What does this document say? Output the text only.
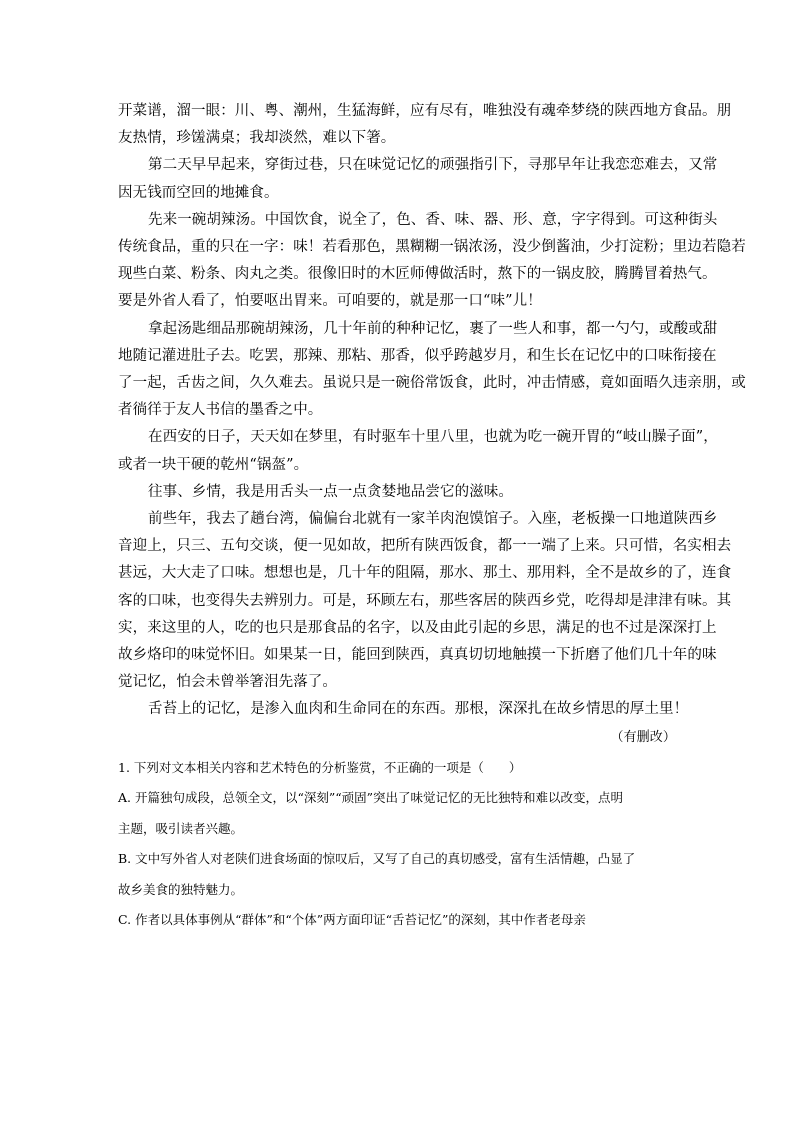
开菜谱，溜一眼：川、粤、潮州，生猛海鲜，应有尽有，唯独没有魂牵梦绕的陕西地方食品。朋
友热情，珍馐满桌；我却淡然，难以下箸。

第二天早早起来，穿街过巷，只在味觉记忆的顽强指引下，寻那早年让我恋恋难去，又常
因无钱而空回的地摊食。

先来一碗胡辣汤。中国饮食，说全了，色、香、味、器、形、意，字字得到。可这种街头
传统食品，重的只在一字：味！若看那色，黑糊糊一锅浓汤，没少倒酱油，少打淀粉；里边若隐若
现些白菜、粉条、肉丸之类。很像旧时的木匠师傅做活时，熬下的一锅皮胶，腾腾冒着热气。
要是外省人看了，怕要呕出胃来。可咱要的，就是那一口“味”儿！

拿起汤匙细品那碗胡辣汤，几十年前的种种记忆，裹了一些人和事，都一勺勺，或酸或甜
地随记灌进肚子去。吃罢，那辣、那粘、那香，似乎跨越岁月，和生长在记忆中的口味衔接在
了一起，舌齿之间，久久难去。虽说只是一碗俗常饭食，此时，冲击情感，竟如面晤久违亲朋，或
者徜徉于友人书信的墨香之中。

在西安的日子，天天如在梦里，有时驱车十里八里，也就为吃一碗开胃的“岐山臊子面”，
或者一块干硬的乾州“锅盔”。

往事、乡情，我是用舌头一点一点贪婪地品尝它的滋味。

前些年，我去了趟台湾，偏偏台北就有一家羊肉泡馍馆子。入座，老板操一口地道陕西乡
音迎上，只三、五句交谈，便一见如故，把所有陕西饭食，都一一端了上来。只可惜，名实相去
甚远，大大走了口味。想想也是，几十年的阻隔，那水、那土、那用料，全不是故乡的了，连食
客的口味，也变得失去辨别力。可是，环顾左右，那些客居的陕西乡党，吃得却是津津有味。其
实，来这里的人，吃的也只是那食品的名字，以及由此引起的乡思，满足的也不过是深深打上
故乡烙印的味觉怀旧。如果某一日，能回到陕西，真真切切地触摸一下折磨了他们几十年的味
觉记忆，怕会未曾举箸泪先落了。

舌苔上的记忆，是渗入血肉和生命同在的东西。那根，深深扎在故乡情思的厚土里！

（有删改）

1. 下列对文本相关内容和艺术特色的分析鉴赏，不正确的一项是（　　）
A. 开篇独句成段，总领全文，以“深刻”“顽固”突出了味觉记忆的无比独特和难以改变，点明
主题，吸引读者兴趣。
B. 文中写外省人对老陕们进食场面的惊叹后，又写了自己的真切感受，富有生活情趣，凸显了
故乡美食的独特魅力。
C. 作者以具体事例从“群体”和“个体”两方面印证“舌苔记忆”的深刻，其中作者老母亲
